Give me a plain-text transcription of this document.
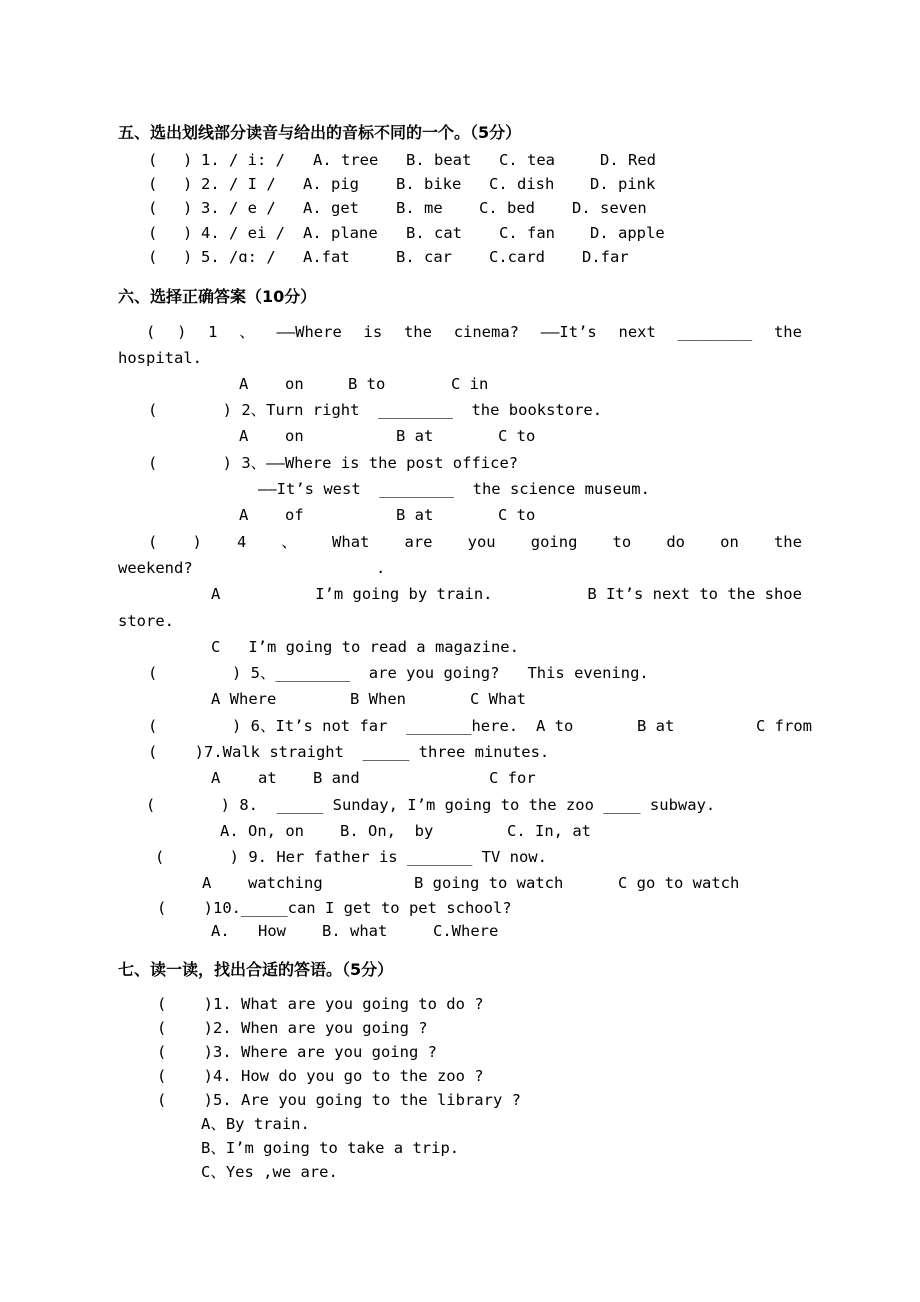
五、选出划线部分读音与给出的音标不同的一个。（5分）
( ) 1. / i: / A. tree B. beat C. tea	D. Red
( ) 2. / I / A. pig B. bike C. dish D. pink
( ) 3. / e / A. get B. me C. bed D. seven
( ) 4. / ei / A. plane B. cat C. fan D. apple
( ) 5. /ɑ: / A.fat	B. car C.card D.far
六、选择正确答案（10分）
( ) 1 、 ——Where is the cinema? ——It’s next ________ the
hospital.
A on	B to	C in
(       ) 2、Turn right  ________  the bookstore.
A on	B at	C to
(       ) 3、——Where is the post office?
——It’s west  ________  the science museum.
A of	B at	C to
( ) 4 、 What are you going to do on the
weekend?	.
A	I’m going by train.	B It’s next to the shoe
store.
C   I’m going to read a magazine.
(        ) 5、________  are you going?   This evening.
A Where	B When	C What
(        ) 6、It’s not far  _______here. A to	B at	C from
(    )7.Walk straight  _____ three minutes.
A at B and	C for
(       ) 8.  _____ Sunday, I’m going to the zoo ____ subway.
A. On, on B. On,  by	C. In, at
(       ) 9. Her father is _______ TV now.
A watching	B going to watch	C go to watch
(    )10._____can I get to pet school?
A. How B. what	C.Where
七、读一读，找出合适的答语。（5分）
(    )1. What are you going to do ?
(    )2. When are you going ?
(    )3. Where are you going ?
(    )4. How do you go to the zoo ?
(    )5. Are you going to the library ?
A、By train.
B、I’m going to take a trip.
C、Yes ,we are.
